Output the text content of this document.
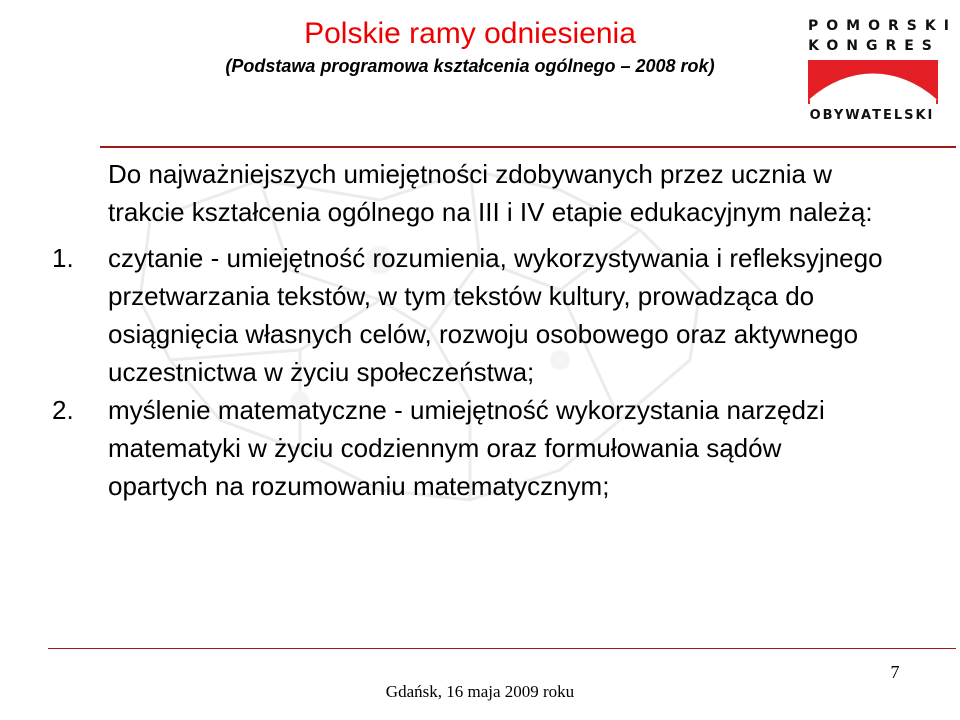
Polskie ramy odniesienia
(Podstawa programowa kształcenia ogólnego – 2008 rok)
POMORSKI
KONGRES
OBYWATELSKI

Do najważniejszych umiejętności zdobywanych przez ucznia w trakcie kształcenia ogólnego na III i IV etapie edukacyjnym należą:

1.	czytanie - umiejętność rozumienia, wykorzystywania i refleksyjnego przetwarzania tekstów, w tym tekstów kultury, prowadząca do osiągnięcia własnych celów, rozwoju osobowego oraz aktywnego uczestnictwa w życiu społeczeństwa;
2.	myślenie matematyczne - umiejętność wykorzystania narzędzi matematyki w życiu codziennym oraz formułowania sądów opartych na rozumowaniu matematycznym;
Gdańsk, 16 maja 2009 roku
7
